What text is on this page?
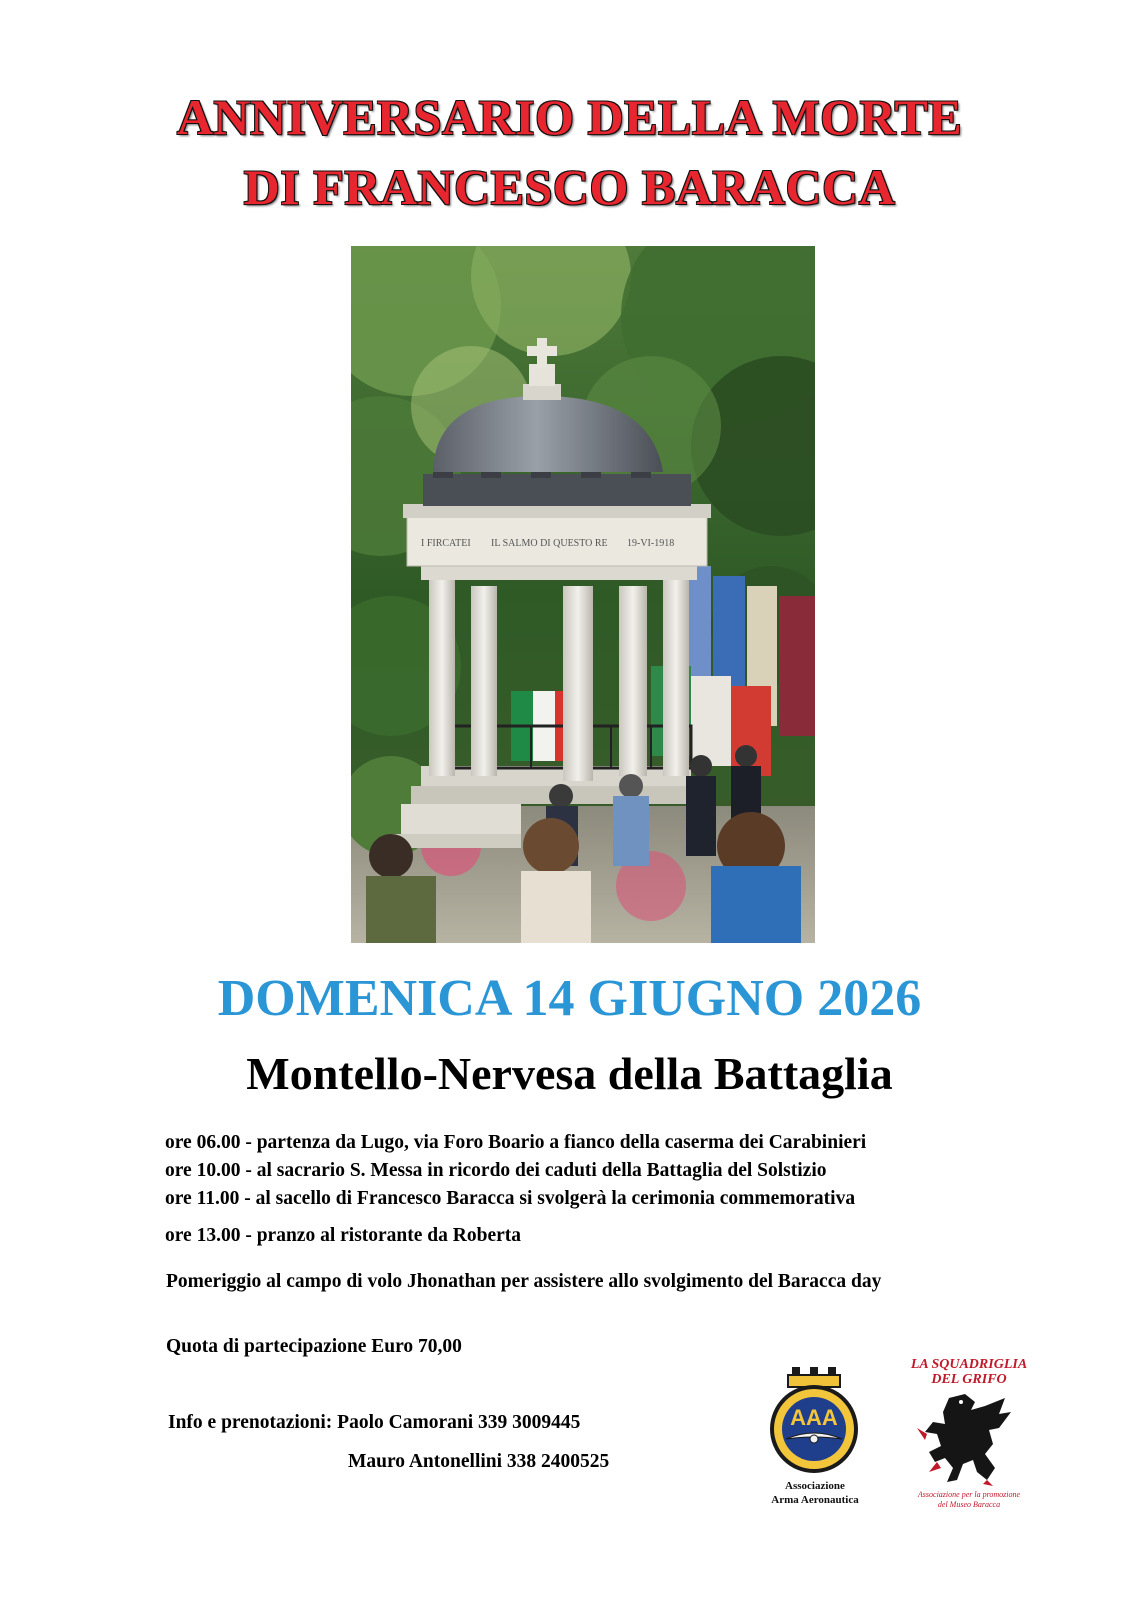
ANNIVERSARIO DELLA MORTE
DI FRANCESCO BARACCA
I FIRCATEI IL SALMO DI QUESTO RE 19-VI-1918
DOMENICA 14 GIUGNO 2026
Montello-Nervesa della Battaglia

ore 06.00 - partenza da Lugo, via Foro Boario a fianco della caserma dei Carabinieri

ore 10.00 - al sacrario S. Messa in ricordo dei caduti della Battaglia del Solstizio

ore 11.00 - al sacello di Francesco Baracca si svolgerà la cerimonia commemorativa

ore 13.00 - pranzo al ristorante da Roberta

Pomeriggio al campo di volo Jhonathan per assistere allo svolgimento del Baracca day

Quota di partecipazione Euro 70,00

Info e prenotazioni: Paolo Camorani 339 3009445

Mauro Antonellini 338 2400525

AAA
Associazione
Arma Aeronautica
LA SQUADRIGLIA
DEL GRIFO
Associazione per la promozione
del Museo Baracca
